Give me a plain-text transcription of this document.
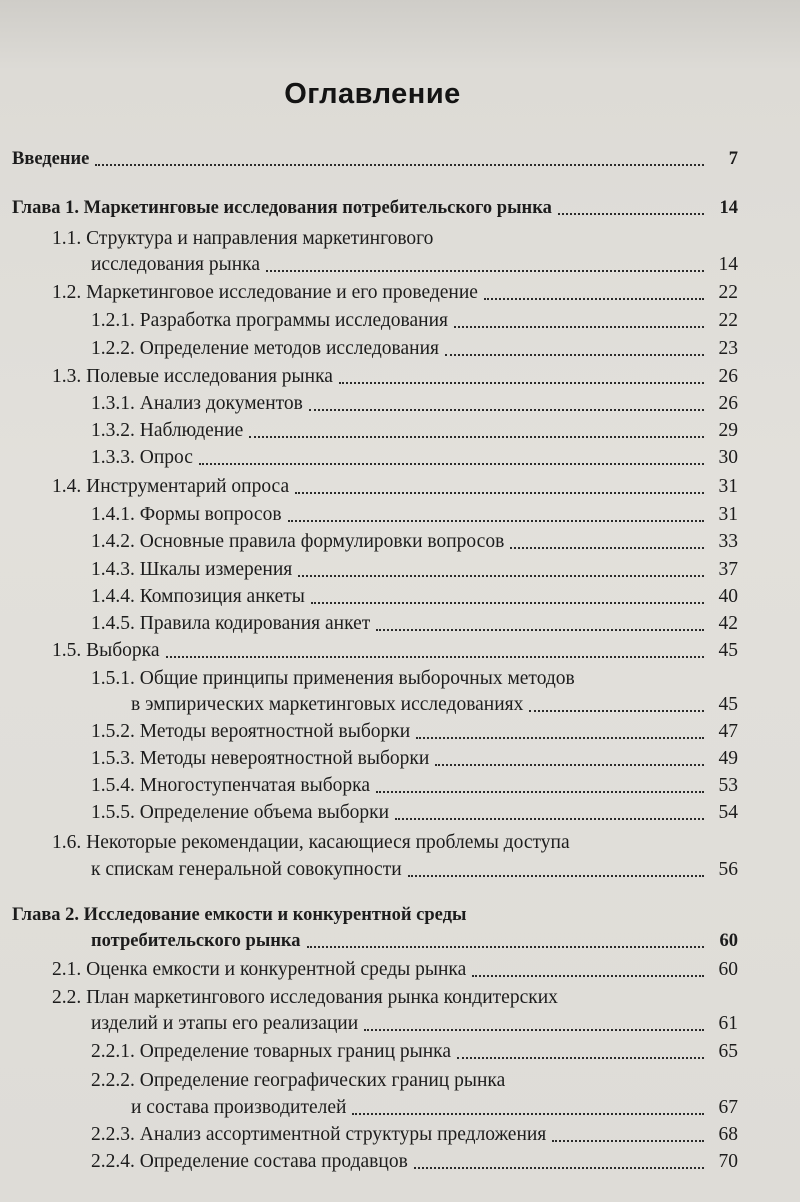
Оглавление
Введение	7
Глава 1. Маркетинговые исследования потребительского рынка	14
1.1. Структура и направления маркетингового
исследования рынка	14
1.2. Маркетинговое исследование и его проведение	22
1.2.1. Разработка программы исследования	22
1.2.2. Определение методов исследования	23
1.3. Полевые исследования рынка	26
1.3.1. Анализ документов	26
1.3.2. Наблюдение	29
1.3.3. Опрос	30
1.4. Инструментарий опроса	31
1.4.1. Формы вопросов	31
1.4.2. Основные правила формулировки вопросов	33
1.4.3. Шкалы измерения	37
1.4.4. Композиция анкеты	40
1.4.5. Правила кодирования анкет	42
1.5. Выборка	45
1.5.1. Общие принципы применения выборочных методов
в эмпирических маркетинговых исследованиях	45
1.5.2. Методы вероятностной выборки	47
1.5.3. Методы невероятностной выборки	49
1.5.4. Многоступенчатая выборка	53
1.5.5. Определение объема выборки	54
1.6. Некоторые рекомендации, касающиеся проблемы доступа
к спискам генеральной совокупности	56
Глава 2. Исследование емкости и конкурентной среды
потребительского рынка	60
2.1. Оценка емкости и конкурентной среды рынка	60
2.2. План маркетингового исследования рынка кондитерских
изделий и этапы его реализации	61
2.2.1. Определение товарных границ рынка	65
2.2.2. Определение географических границ рынка
и состава производителей	67
2.2.3. Анализ ассортиментной структуры предложения	68
2.2.4. Определение состава продавцов	70
